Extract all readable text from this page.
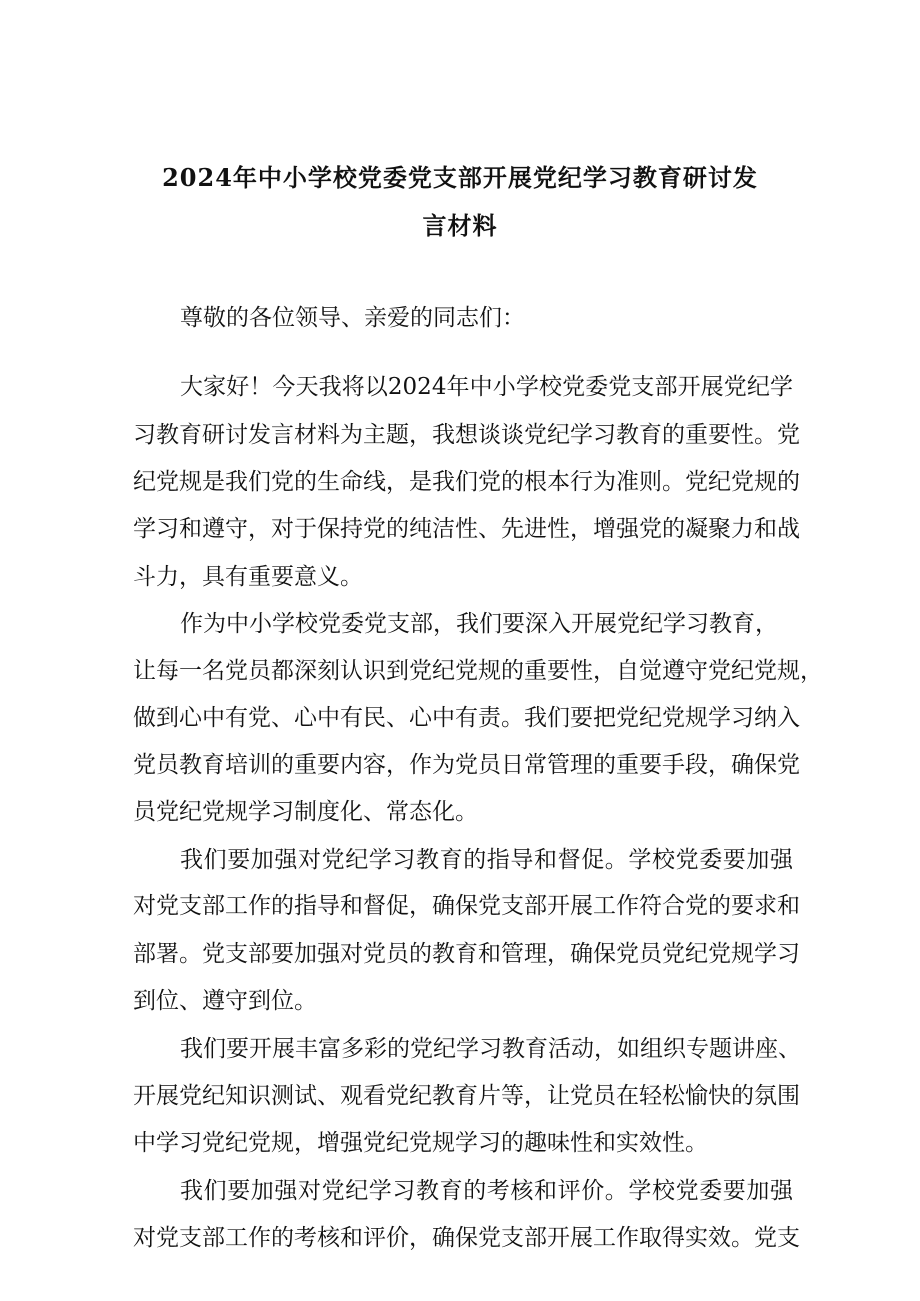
2024年中小学校党委党支部开展党纪学习教育研讨发
言材料
尊敬的各位领导、亲爱的同志们：
大家好！今天我将以2024年中小学校党委党支部开展党纪学
习教育研讨发言材料为主题，我想谈谈党纪学习教育的重要性。党
纪党规是我们党的生命线，是我们党的根本行为准则。党纪党规的
学习和遵守，对于保持党的纯洁性、先进性，增强党的凝聚力和战
斗力，具有重要意义。
作为中小学校党委党支部，我们要深入开展党纪学习教育，
让每一名党员都深刻认识到党纪党规的重要性，自觉遵守党纪党规，
做到心中有党、心中有民、心中有责。我们要把党纪党规学习纳入
党员教育培训的重要内容，作为党员日常管理的重要手段，确保党
员党纪党规学习制度化、常态化。
我们要加强对党纪学习教育的指导和督促。学校党委要加强
对党支部工作的指导和督促，确保党支部开展工作符合党的要求和
部署。党支部要加强对党员的教育和管理，确保党员党纪党规学习
到位、遵守到位。
我们要开展丰富多彩的党纪学习教育活动，如组织专题讲座、
开展党纪知识测试、观看党纪教育片等，让党员在轻松愉快的氛围
中学习党纪党规，增强党纪党规学习的趣味性和实效性。
我们要加强对党纪学习教育的考核和评价。学校党委要加强
对党支部工作的考核和评价，确保党支部开展工作取得实效。党支
